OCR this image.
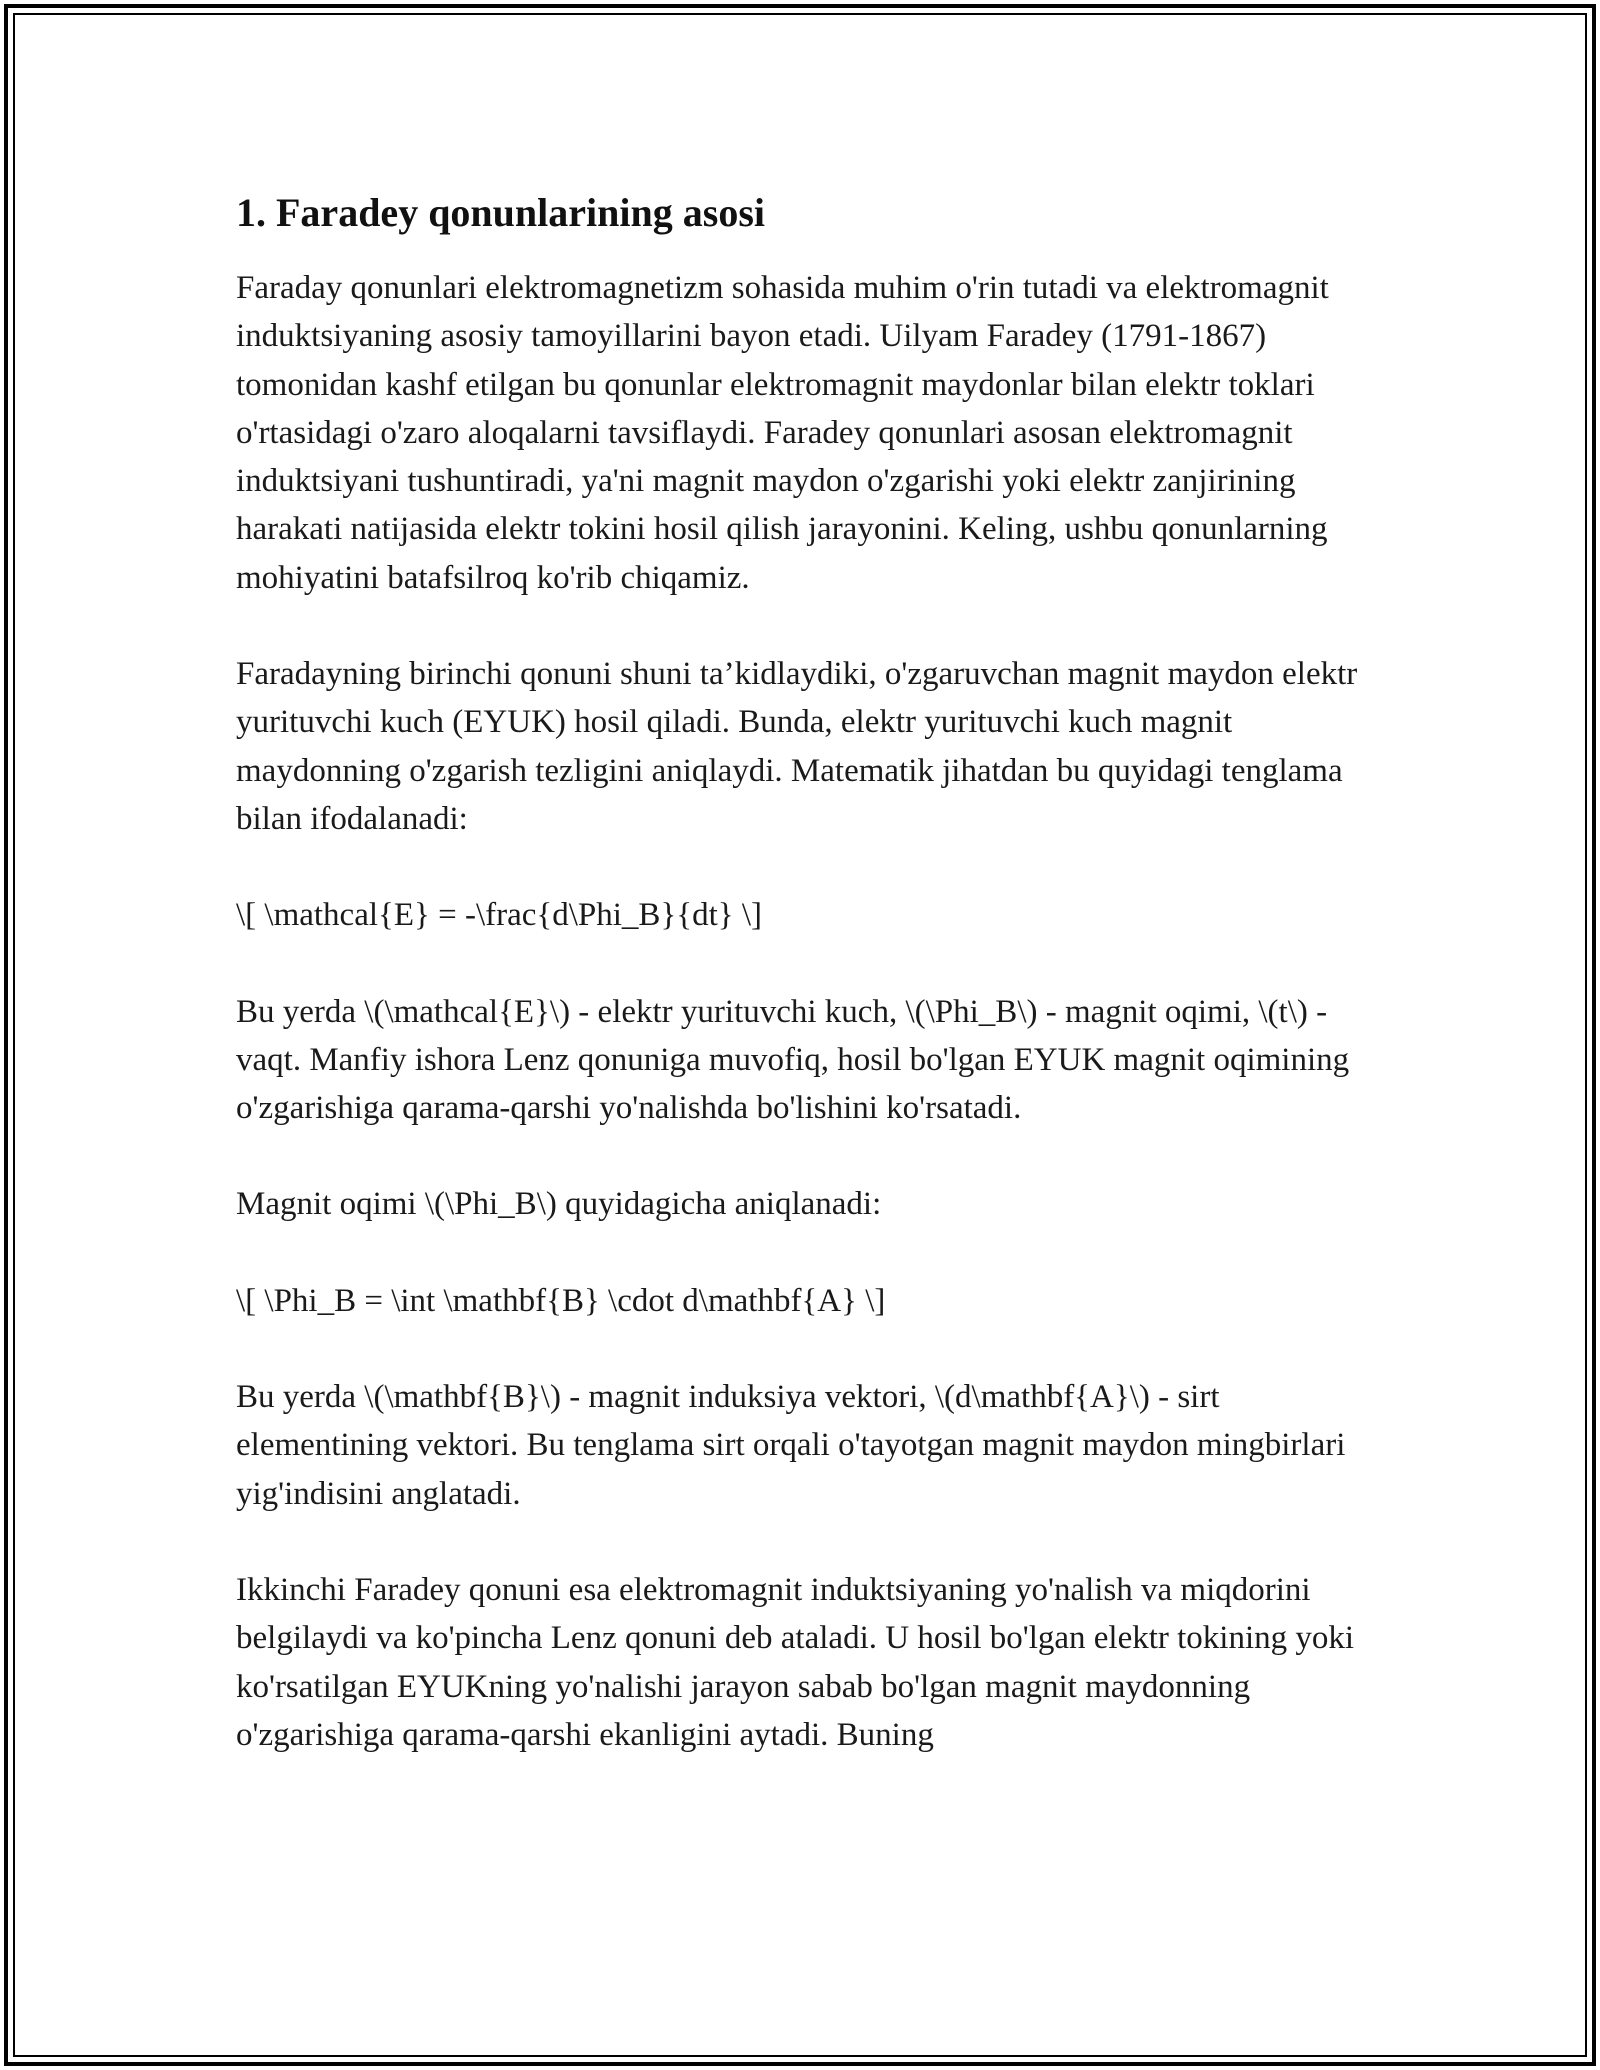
1. Faradey qonunlarining asosi

Faraday qonunlari elektromagnetizm sohasida muhim o'rin tutadi va elektromagnit induktsiyaning asosiy tamoyillarini bayon etadi. Uilyam Faradey (1791-1867) tomonidan kashf etilgan bu qonunlar elektromagnit maydonlar bilan elektr toklari o'rtasidagi o'zaro aloqalarni tavsiflaydi. Faradey qonunlari asosan elektromagnit induktsiyani tushuntiradi, ya'ni magnit maydon o'zgarishi yoki elektr zanjirining harakati natijasida elektr tokini hosil qilish jarayonini. Keling, ushbu qonunlarning mohiyatini batafsilroq ko'rib chiqamiz.

Faradayning birinchi qonuni shuni ta’kidlaydiki, o'zgaruvchan magnit maydon elektr yurituvchi kuch (EYUK) hosil qiladi. Bunda, elektr yurituvchi kuch magnit maydonning o'zgarish tezligini aniqlaydi. Matematik jihatdan bu quyidagi tenglama bilan ifodalanadi:

\[ \mathcal{E} = -\frac{d\Phi_B}{dt} \]

Bu yerda \(\mathcal{E}\) - elektr yurituvchi kuch, \(\Phi_B\) - magnit oqimi, \(t\) - vaqt. Manfiy ishora Lenz qonuniga muvofiq, hosil bo'lgan EYUK magnit oqimining o'zgarishiga qarama-qarshi yo'nalishda bo'lishini ko'rsatadi.

Magnit oqimi \(\Phi_B\) quyidagicha aniqlanadi:

\[ \Phi_B = \int \mathbf{B} \cdot d\mathbf{A} \]

Bu yerda \(\mathbf{B}\) - magnit induksiya vektori, \(d\mathbf{A}\) - sirt elementining vektori. Bu tenglama sirt orqali o'tayotgan magnit maydon mingbirlari yig'indisini anglatadi.

Ikkinchi Faradey qonuni esa elektromagnit induktsiyaning yo'nalish va miqdorini belgilaydi va ko'pincha Lenz qonuni deb ataladi. U hosil bo'lgan elektr tokining yoki ko'rsatilgan EYUKning yo'nalishi jarayon sabab bo'lgan magnit maydonning o'zgarishiga qarama-qarshi ekanligini aytadi. Buning
